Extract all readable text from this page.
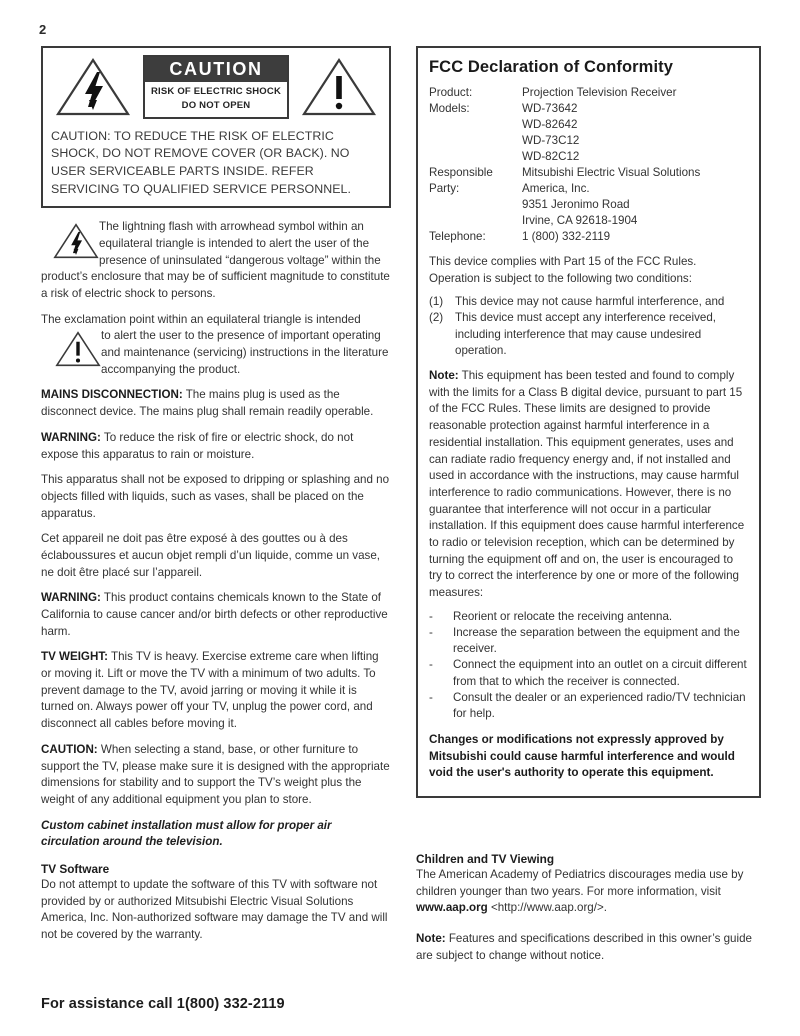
2
CAUTION
RISK OF ELECTRIC SHOCK
DO NOT OPEN
CAUTION: TO REDUCE THE RISK OF ELECTRIC SHOCK, DO NOT REMOVE COVER (OR BACK). NO USER SERVICEABLE PARTS INSIDE. REFER SERVICING TO QUALIFIED SERVICE PERSONNEL.

The lightning flash with arrowhead symbol within an equilateral triangle is intended to alert the user of the presence of uninsulated “dangerous voltage” within the product’s enclosure that may be of sufficient magnitude to constitute a risk of electric shock to persons.

The exclamation point within an equilateral triangle is intended

to alert the user to the presence of important operating and maintenance (servicing) instructions in the literature accompanying the product.

MAINS DISCONNECTION: The mains plug is used as the disconnect device. The mains plug shall remain readily operable.

WARNING: To reduce the risk of fire or electric shock, do not expose this apparatus to rain or moisture.

This apparatus shall not be exposed to dripping or splashing and no objects filled with liquids, such as vases, shall be placed on the apparatus.

Cet appareil ne doit pas être exposé à des gouttes ou à des éclaboussures et aucun objet rempli d’un liquide, comme un vase, ne doit être placé sur l’appareil.

WARNING: This product contains chemicals known to the State of California to cause cancer and/or birth defects or other reproductive harm.

TV WEIGHT: This TV is heavy. Exercise extreme care when lifting or moving it. Lift or move the TV with a minimum of two adults. To prevent damage to the TV, avoid jarring or moving it while it is turned on. Always power off your TV, unplug the power cord, and disconnect all cables before moving it.

CAUTION: When selecting a stand, base, or other furniture to support the TV, please make sure it is designed with the appropriate dimensions for stability and to support the TV’s weight plus the weight of any additional equipment you plan to store.

Custom cabinet installation must allow for proper air circulation around the television.

TV Software

Do not attempt to update the software of this TV with software not provided by or authorized Mitsubishi Electric Visual Solutions America, Inc. Non-authorized software may damage the TV and will not be covered by the warranty.

FCC Declaration of Conformity
Product:	Projection Television Receiver
Models:	WD-73642
	WD-82642
	WD-73C12
	WD-82C12
Responsible	Mitsubishi Electric Visual Solutions
Party:	America, Inc.
	9351 Jeronimo Road
	Irvine, CA 92618-1904
Telephone:	1 (800) 332-2119

This device complies with Part 15 of the FCC Rules. Operation is subject to the following two conditions:

(1)	This device may not cause harmful interference, and
(2)	This device must accept any interference received, including interference that may cause undesired operation.

Note: This equipment has been tested and found to comply with the limits for a Class B digital device, pursuant to part 15 of the FCC Rules. These limits are designed to provide reasonable protection against harmful interference in a residential installation. This equipment generates, uses and can radiate radio frequency energy and, if not installed and used in accordance with the instructions, may cause harmful interference to radio communications. However, there is no guarantee that interference will not occur in a particular installation. If this equipment does cause harmful interference to radio or television reception, which can be determined by turning the equipment off and on, the user is encouraged to try to correct the interference by one or more of the following measures:

-	Reorient or relocate the receiving antenna.
-	Increase the separation between the equipment and the receiver.
-	Connect the equipment into an outlet on a circuit different from that to which the receiver is connected.
-	Consult the dealer or an experienced radio/TV technician for help.

Changes or modifications not expressly approved by Mitsubishi could cause harmful interference and would void the user's authority to operate this equipment.

Children and TV Viewing

The American Academy of Pediatrics discourages media use by children younger than two years. For more information, visit www.aap.org <http://www.aap.org/>.

Note: Features and specifications described in this owner’s guide are subject to change without notice.

For assistance call 1(800) 332-2119
